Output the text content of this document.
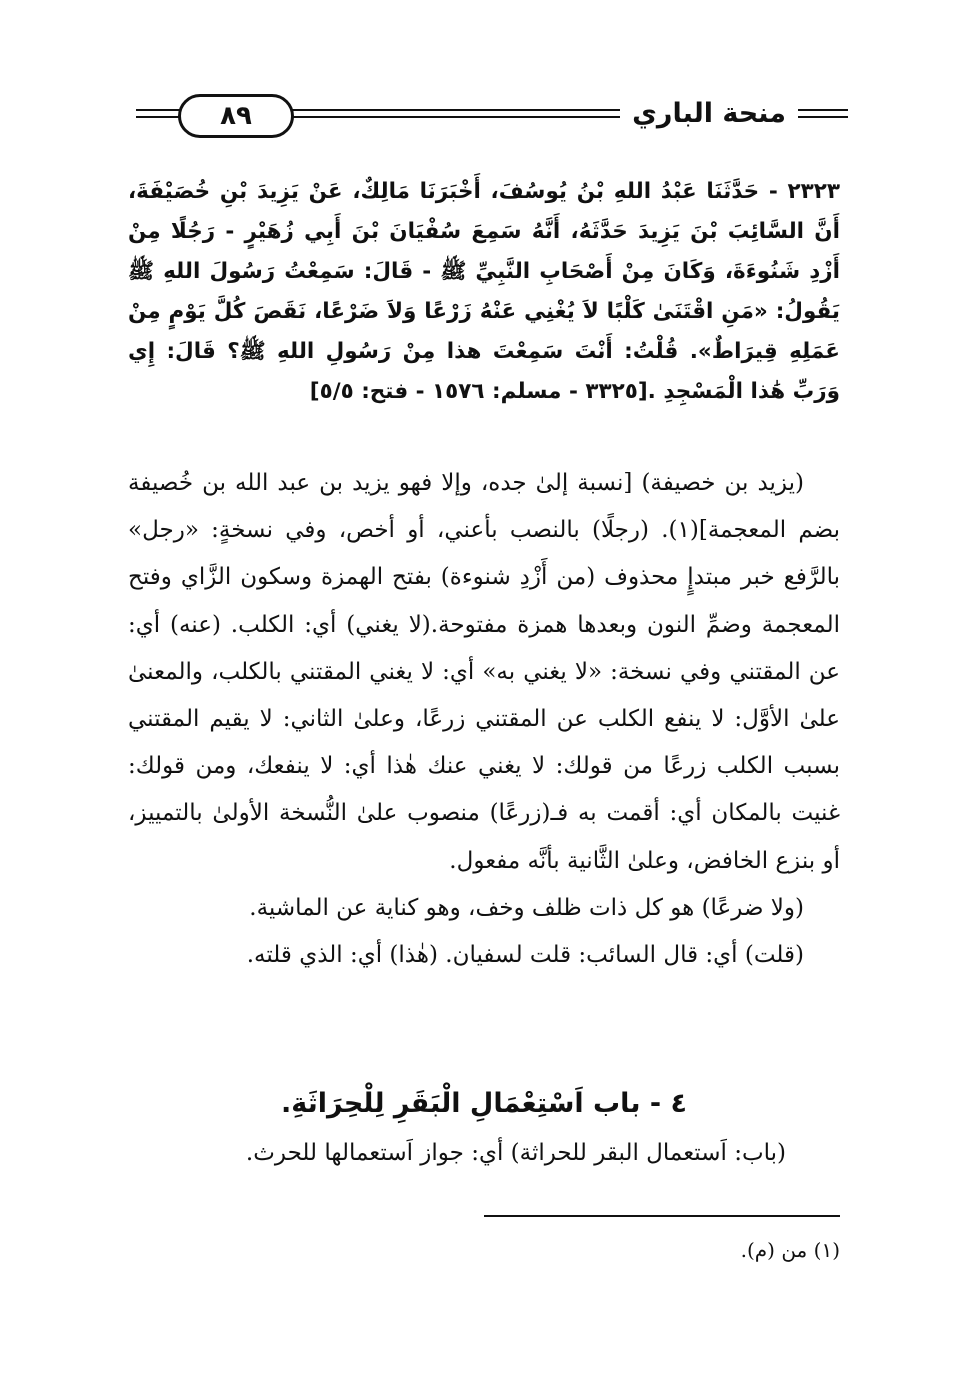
منحة الباري
٨٩
٢٣٢٣ - حَدَّثَنَا عَبْدُ اللهِ بْنُ يُوسُفَ، أَخْبَرَنَا مَالِكٌ، عَنْ يَزِيدَ بْنِ خُصَيْفَةَ، أَنَّ السَّائِبَ بْنَ يَزِيدَ حَدَّثَهُ، أَنَّهُ سَمِعَ سُفْيَانَ بْنَ أَبِي زُهَيْرٍ - رَجُلًا مِنْ أَزْدِ شَنُوءَةَ، وَكَانَ مِنْ أَصْحَابِ النَّبِيِّ ﷺ - قَالَ: سَمِعْتُ رَسُولَ اللهِ ﷺ يَقُولُ: «مَنِ اقْتَنَىٰ كَلْبًا لاَ يُغْنِي عَنْهُ زَرْعًا وَلاَ ضَرْعًا، نَقَصَ كُلَّ يَوْمٍ مِنْ عَمَلِهِ قِيرَاطٌ». قُلْتُ: أَنْتَ سَمِعْتَ هذا مِنْ رَسُولِ اللهِ ﷺ؟ قَالَ: إِي وَرَبِّ هَٰذا الْمَسْجِدِ .[٣٣٢٥ - مسلم: ١٥٧٦ - فتح: ٥/٥]

(يزيد بن خصيفة) [نسبة إلىٰ جده، وإلا فهو يزيد بن عبد الله بن خُصيفة بضم المعجمة](١). (رجلًا) بالنصب بأعني، أو أخص، وفي نسخةٍ: «رجل» بالرَّفع خبر مبتدإٍ محذوف (من أَزْدِ شنوءة) بفتح الهمزة وسكون الزَّاي وفتح المعجمة وضمِّ النون وبعدها همزة مفتوحة.(لا يغني) أي: الكلب. (عنه) أي: عن المقتني وفي نسخة: «لا يغني به» أي: لا يغني المقتني بالكلب، والمعنىٰ علىٰ الأوَّل: لا ينفع الكلب عن المقتني زرعًا، وعلىٰ الثاني: لا يقيم المقتني بسبب الكلب زرعًا من قولك: لا يغني عنك هٰذا أي: لا ينفعك، ومن قولك: غنيت بالمكان أي: أقمت به فـ(زرعًا) منصوب علىٰ النُّسخة الأولىٰ بالتمييز، أو بنزع الخافض، وعلىٰ الثَّانية بأنَّه مفعول.

(ولا ضرعًا) هو كل ذات ظلف وخف، وهو كناية عن الماشية.

(قلت) أي: قال السائب: قلت لسفيان. (هٰذا) أي: الذي قلته.

٤ - باب اَسْتِعْمَالِ الْبَقَرِ لِلْحِرَاثَةِ.
(باب: اَستعمال البقر للحراثة) أي: جواز اَستعمالها للحرث.
(١) من (م).
